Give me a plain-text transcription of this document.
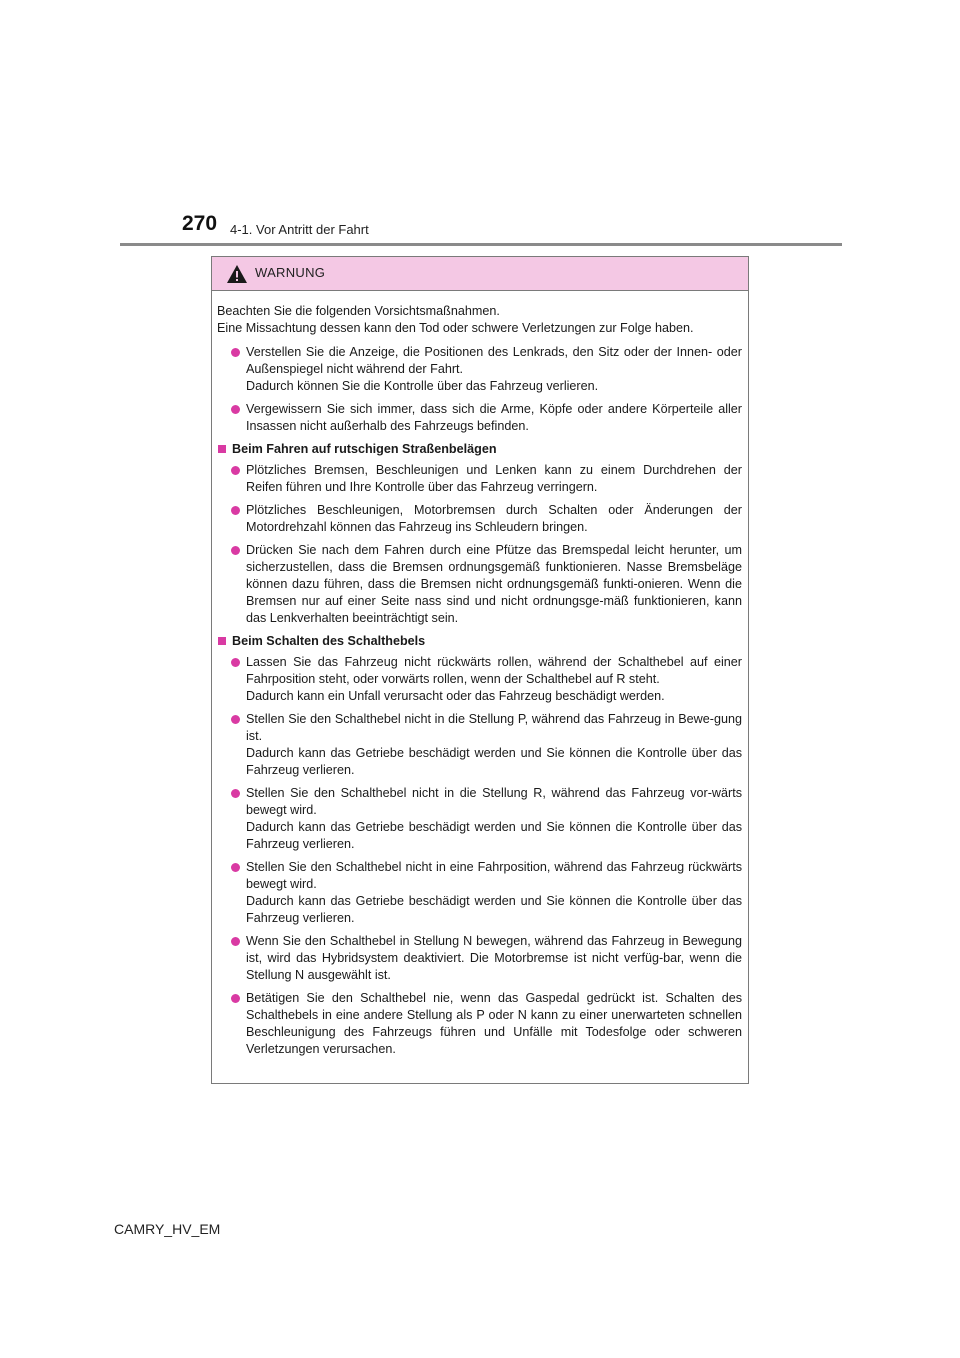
270 4-1. Vor Antritt der Fahrt
WARNUNG

Beachten Sie die folgenden Vorsichtsmaßnahmen.

Eine Missachtung dessen kann den Tod oder schwere Verletzungen zur Folge haben.

Verstellen Sie die Anzeige, die Positionen des Lenkrads, den Sitz oder der Innen- oder Außenspiegel nicht während der Fahrt.

Dadurch können Sie die Kontrolle über das Fahrzeug verlieren.

Vergewissern Sie sich immer, dass sich die Arme, Köpfe oder andere Körperteile aller Insassen nicht außerhalb des Fahrzeugs befinden.

Beim Fahren auf rutschigen Straßenbelägen

Plötzliches Bremsen, Beschleunigen und Lenken kann zu einem Durchdrehen der Reifen führen und Ihre Kontrolle über das Fahrzeug verringern.

Plötzliches Beschleunigen, Motorbremsen durch Schalten oder Änderungen der Motordrehzahl können das Fahrzeug ins Schleudern bringen.

Drücken Sie nach dem Fahren durch eine Pfütze das Bremspedal leicht herunter, um sicherzustellen, dass die Bremsen ordnungsgemäß funktionieren. Nasse Bremsbeläge können dazu führen, dass die Bremsen nicht ordnungsgemäß funkti-onieren. Wenn die Bremsen nur auf einer Seite nass sind und nicht ordnungsge-mäß funktionieren, kann das Lenkverhalten beeinträchtigt sein.

Beim Schalten des Schalthebels

Lassen Sie das Fahrzeug nicht rückwärts rollen, während der Schalthebel auf einer Fahrposition steht, oder vorwärts rollen, wenn der Schalthebel auf R steht.

Dadurch kann ein Unfall verursacht oder das Fahrzeug beschädigt werden.

Stellen Sie den Schalthebel nicht in die Stellung P, während das Fahrzeug in Bewe-gung ist.

Dadurch kann das Getriebe beschädigt werden und Sie können die Kontrolle über das Fahrzeug verlieren.

Stellen Sie den Schalthebel nicht in die Stellung R, während das Fahrzeug vor-wärts bewegt wird.

Dadurch kann das Getriebe beschädigt werden und Sie können die Kontrolle über das Fahrzeug verlieren.

Stellen Sie den Schalthebel nicht in eine Fahrposition, während das Fahrzeug rückwärts bewegt wird.

Dadurch kann das Getriebe beschädigt werden und Sie können die Kontrolle über das Fahrzeug verlieren.

Wenn Sie den Schalthebel in Stellung N bewegen, während das Fahrzeug in Bewegung ist, wird das Hybridsystem deaktiviert. Die Motorbremse ist nicht verfüg-bar, wenn die Stellung N ausgewählt ist.

Betätigen Sie den Schalthebel nie, wenn das Gaspedal gedrückt ist. Schalten des Schalthebels in eine andere Stellung als P oder N kann zu einer unerwarteten schnellen Beschleunigung des Fahrzeugs führen und Unfälle mit Todesfolge oder schweren Verletzungen verursachen.

CAMRY_HV_EM
